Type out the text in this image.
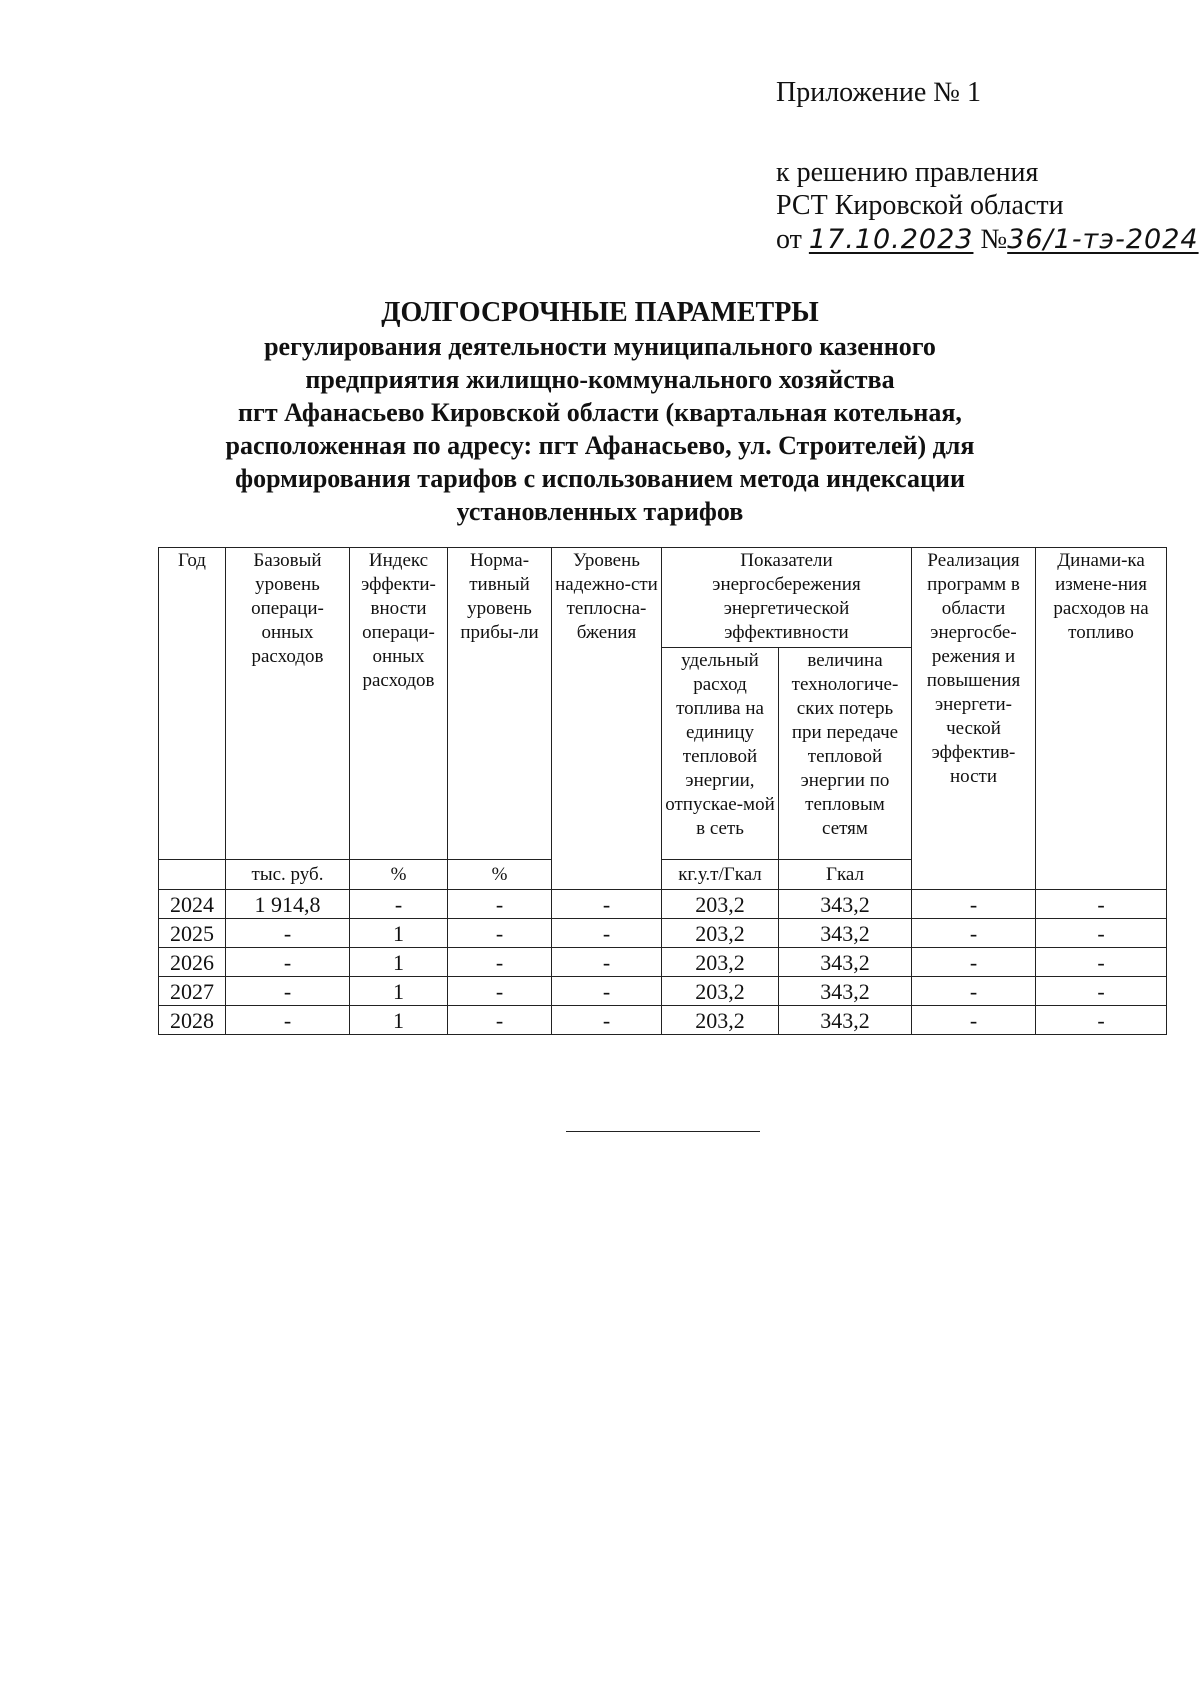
Приложение № 1
к решению правления
РСТ Кировской области
от 17.10.2023 №36/1-тэ-2024

ДОЛГОСРОЧНЫЕ ПАРАМЕТРЫ

регулирования деятельности муниципального казенного

предприятия жилищно-коммунального хозяйства

пгт Афанасьево Кировской области (квартальная котельная,

расположенная по адресу: пгт Афанасьево, ул. Строителей) для

формирования тарифов с использованием метода индексации

установленных тарифов

Год	Базовый уровень операци-онных расходов	Индекс эффекти-вности операци-онных расходов	Норма-тивный уровень прибы-ли	Уровень надежно-сти теплосна-бжения	Показатели энергосбережения энергетической эффективности		Реализация программ в области энергосбе-режения и повышения энергети-ческой эффектив-ности	Динами-ка измене-ния расходов на топливо
					удельный расход топлива на единицу тепловой энергии, отпускае-мой в сеть	величина технологиче-ских потерь при передаче тепловой энергии по тепловым сетям		
	тыс. руб.	%	%		кг.у.т/Гкал	Гкал		
2024	1 914,8	-	-	-	203,2	343,2	-	-
2025	-	1	-	-	203,2	343,2	-	-
2026	-	1	-	-	203,2	343,2	-	-
2027	-	1	-	-	203,2	343,2	-	-
2028	-	1	-	-	203,2	343,2	-	-
